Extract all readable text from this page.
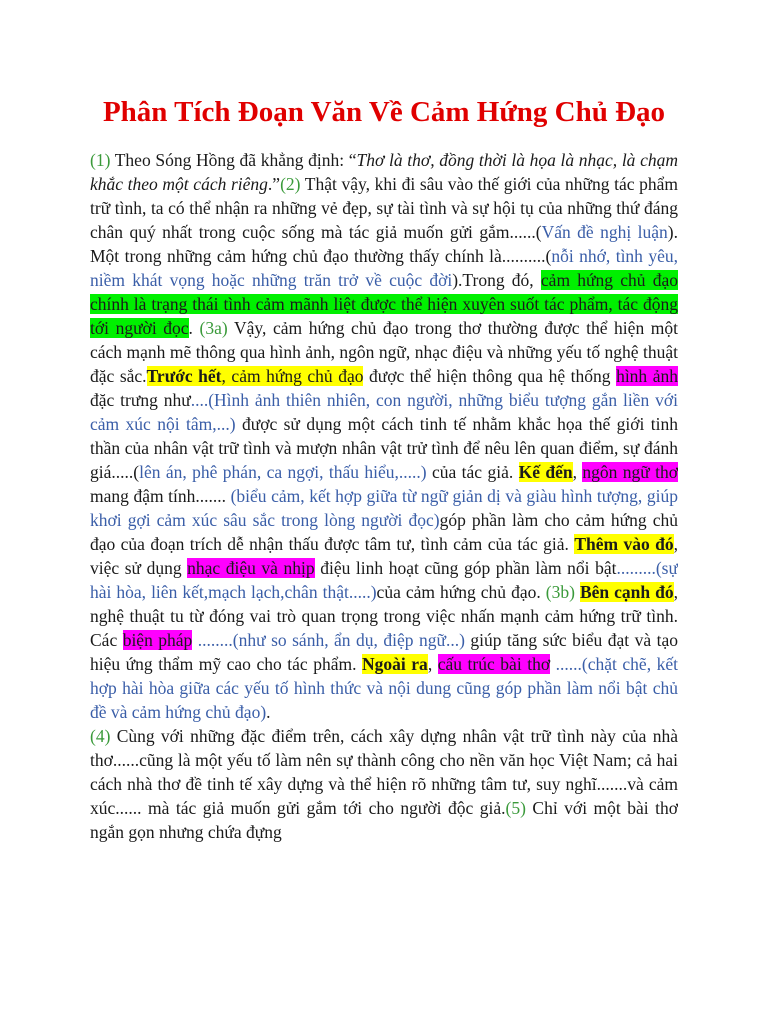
Phân Tích Đoạn Văn Về Cảm Hứng Chủ Đạo
(1) Theo Sóng Hồng đã khẳng định: “Thơ là thơ, đồng thời là họa là nhạc, là chạm khắc theo một cách riêng.”(2) Thật vậy, khi đi sâu vào thế giới của những tác phẩm trữ tình, ta có thể nhận ra những vẻ đẹp, sự tài tình và sự hội tụ của những thứ đáng chân quý nhất trong cuộc sống mà tác giả muốn gửi gắm......(Vấn đề nghị luận). Một trong những cảm hứng chủ đạo thường thấy chính là..........(nỗi nhớ, tình yêu, niềm khát vọng hoặc những trăn trở về cuộc đời).Trong đó, cảm hứng chủ đạo chính là trạng thái tình cảm mãnh liệt được thể hiện xuyên suốt tác phẩm, tác động tới người đọc. (3a) Vậy, cảm hứng chủ đạo trong thơ thường được thể hiện một cách mạnh mẽ thông qua hình ảnh, ngôn ngữ, nhạc điệu và những yếu tố nghệ thuật đặc sắc.Trước hết, cảm hứng chủ đạo được thể hiện thông qua hệ thống hình ảnh đặc trưng như....(Hình ảnh thiên nhiên, con người, những biểu tượng gắn liền với cảm xúc nội tâm,...) được sử dụng một cách tinh tế nhằm khắc họa thế giới tinh thần của nhân vật trữ tình và mượn nhân vật trử tình để nêu lên quan điểm, sự đánh giá.....(lên án, phê phán, ca ngợi, thấu hiểu,.....) của tác giả. Kế đến, ngôn ngữ thơ mang đậm tính....... (biểu cảm, kết hợp giữa từ ngữ giản dị và giàu hình tượng, giúp khơi gợi cảm xúc sâu sắc trong lòng người đọc)góp phần làm cho cảm hứng chủ đạo của đoạn trích dễ nhận thấu được tâm tư, tình cảm của tác giả. Thêm vào đó, việc sử dụng nhạc điệu và nhịp điệu linh hoạt cũng góp phần làm nổi bật.........(sự hài hòa, liên kết,mạch lạch,chân thật.....)của cảm hứng chủ đạo. (3b) Bên cạnh đó, nghệ thuật tu từ đóng vai trò quan trọng trong việc nhấn mạnh cảm hứng trữ tình. Các biện pháp ........(như so sánh, ẩn dụ, điệp ngữ...) giúp tăng sức biểu đạt và tạo hiệu ứng thẩm mỹ cao cho tác phẩm. Ngoài ra, cấu trúc bài thơ ......(chặt chẽ, kết hợp hài hòa giữa các yếu tố hình thức và nội dung cũng góp phần làm nổi bật chủ đề và cảm hứng chủ đạo).
(4) Cùng với những đặc điểm trên, cách xây dựng nhân vật trữ tình này của nhà thơ......cũng là một yếu tố làm nên sự thành công cho nền văn học Việt Nam; cả hai cách nhà thơ đề tinh tế xây dựng và thể hiện rõ những tâm tư, suy nghĩ.......và cảm xúc...... mà tác giả muốn gửi gắm tới cho người độc giả.(5) Chỉ với một bài thơ ngắn gọn nhưng chứa đựng
